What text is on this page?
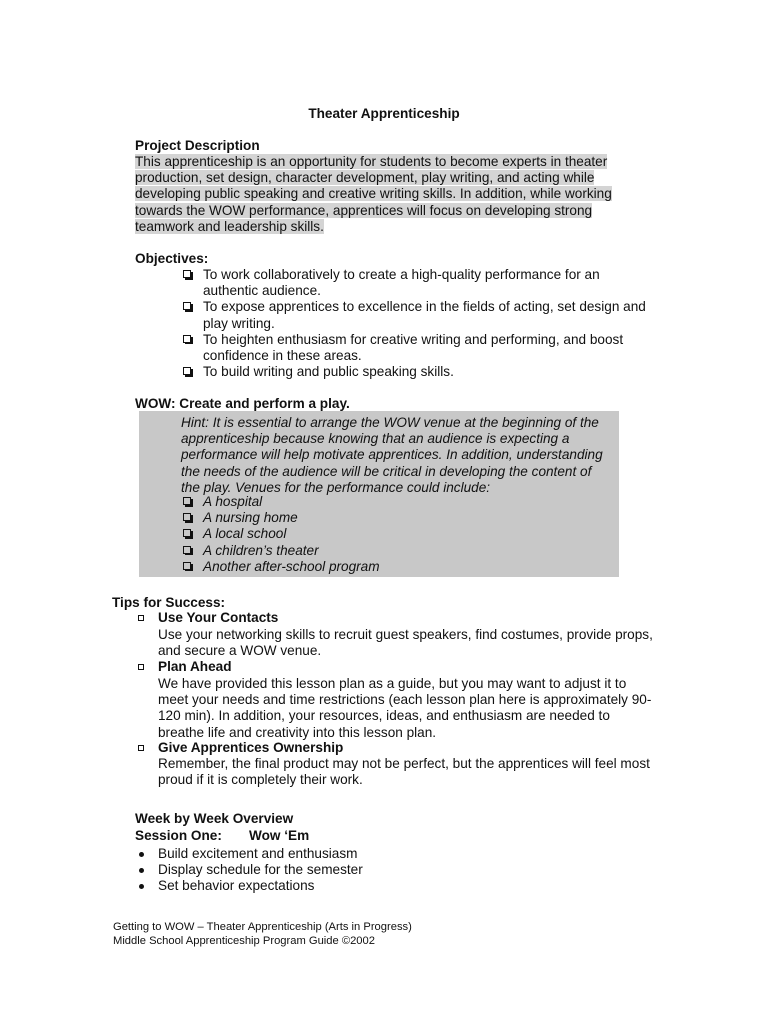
Theater Apprenticeship
Project Description
This apprenticeship is an opportunity for students to become experts in theater production, set design, character development, play writing, and acting while developing public speaking and creative writing skills. In addition, while working towards the WOW performance, apprentices will focus on developing strong teamwork and leadership skills.
Objectives:
To work collaboratively to create a high-quality performance for an authentic audience.
To expose apprentices to excellence in the fields of acting, set design and play writing.
To heighten enthusiasm for creative writing and performing, and boost confidence in these areas.
To build writing and public speaking skills.
WOW: Create and perform a play.
Hint: It is essential to arrange the WOW venue at the beginning of the apprenticeship because knowing that an audience is expecting a performance will help motivate apprentices. In addition, understanding the needs of the audience will be critical in developing the content of the play. Venues for the performance could include:
A hospital
A nursing home
A local school
A children’s theater
Another after-school program
Tips for Success:
Use Your Contacts
Use your networking skills to recruit guest speakers, find costumes, provide props, and secure a WOW venue.
Plan Ahead
We have provided this lesson plan as a guide, but you may want to adjust it to meet your needs and time restrictions (each lesson plan here is approximately 90-120 min). In addition, your resources, ideas, and enthusiasm are needed to breathe life and creativity into this lesson plan.
Give Apprentices Ownership
Remember, the final product may not be perfect, but the apprentices will feel most proud if it is completely their work.
Week by Week Overview
Session One: Wow ‘Em
Build excitement and enthusiasm
Display schedule for the semester
Set behavior expectations
Getting to WOW – Theater Apprenticeship (Arts in Progress)
Middle School Apprenticeship Program Guide ©2002
